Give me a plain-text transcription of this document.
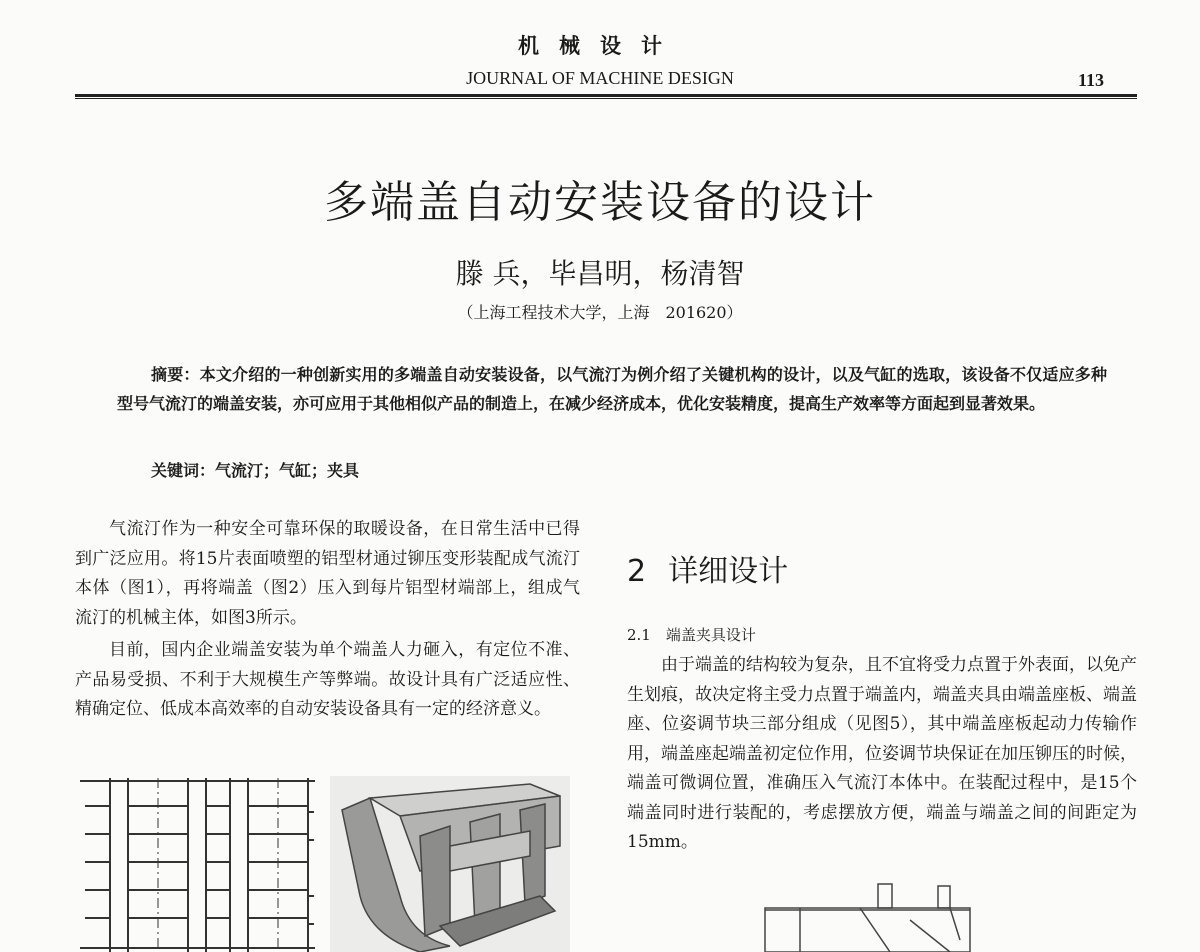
机械设计
JOURNAL OF MACHINE DESIGN	113
多端盖自动安装设备的设计
滕 兵，毕昌明，杨清智
（上海工程技术大学，上海　201620）
摘要：本文介绍的一种创新实用的多端盖自动安装设备，以气流汀为例介绍了关键机构的设计，以及气缸的选取，该设备不仅适应多种型号气流汀的端盖安装，亦可应用于其他相似产品的制造上，在减少经济成本，优化安装精度，提高生产效率等方面起到显著效果。
关键词：气流汀；气缸；夹具

气流汀作为一种安全可靠环保的取暖设备，在日常生活中已得到广泛应用。将15片表面喷塑的铝型材通过铆压变形装配成气流汀本体（图1），再将端盖（图2）压入到每片铝型材端部上，组成气流汀的机械主体，如图3所示。

目前，国内企业端盖安装为单个端盖人力砸入，有定位不准、产品易受损、不利于大规模生产等弊端。故设计具有广泛适应性、精确定位、低成本高效率的自动安装设备具有一定的经济意义。

2 详细设计
2.1　端盖夹具设计

由于端盖的结构较为复杂，且不宜将受力点置于外表面，以免产生划痕，故决定将主受力点置于端盖内，端盖夹具由端盖座板、端盖座、位姿调节块三部分组成（见图5），其中端盖座板起动力传输作用，端盖座起端盖初定位作用，位姿调节块保证在加压铆压的时候，端盖可微调位置，准确压入气流汀本体中。在装配过程中，是15个端盖同时进行装配的，考虑摆放方便，端盖与端盖之间的间距定为15mm。
